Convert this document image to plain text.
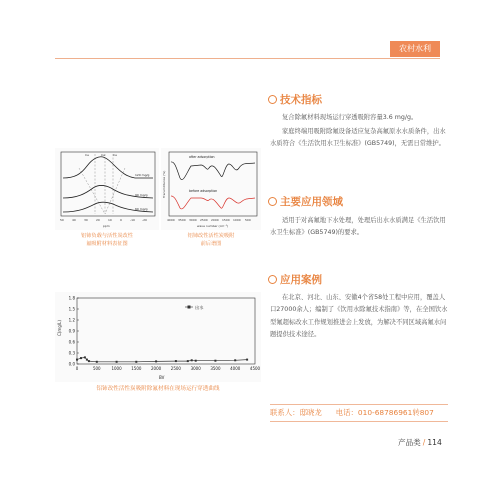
农村水利
Ce	Ce	Ce
120 mg/g
90 mg/g
60 mg/g
50	40	30	20	10	0	-10 -20
ppm
铝铈负载与活性炭改性
氟吸附材料表征图
Transmittance (%)
after adsorption
before adsorption
4000 3500 3000 2500 2000 1500 1000 500
wave number (cm⁻¹)
铝铈改性活性炭吸附
前后谱图
1.8
1.5
1.2
0.9
0.6
0.3
0.0
0	500	1000 1500 2000 2500 3000 3500 4000 4500
出水
C(mg/L)
BV
铝铈改性活性炭吸附除氟材料在现场运行穿透曲线
技术指标
复合除氟材料现场运行穿透吸附容量3.6 mg/g。
家庭终端用吸附除氟设备适应复杂高氟原水水质条件，出水水质符合《生活饮用水卫生标准》(GB5749)，无需日常维护。
主要应用领域
适用于对高氟地下水处理，处理后出水水质满足《生活饮用水卫生标准》(GB5749)的要求。
应用案例
在北京、河北、山东、安徽4个省58处工程中应用，覆盖人口27000余人；编制了《饮用水除氟技术指南》等，在全国饮水型氟超标改水工作规划推进会上发放，为解决不同区域高氟水问题提供技术途径。
联系人：邸晓龙 电话：010-68786961转807
产品类 / 114
